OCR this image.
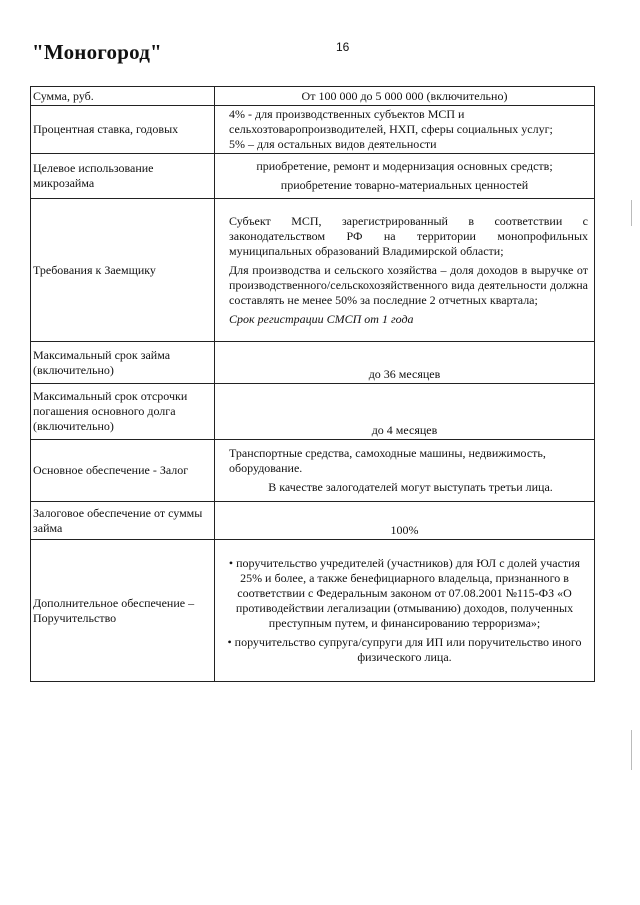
"Моногород"	16
Сумма, руб.	От 100 000 до 5 000 000 (включительно)

Процентная ставка, годовых	4% - для производственных субъектов МСП и

сельхозтоваропроизводителей, НХП, сферы социальных услуг;

5% – для остальных видов деятельности

Целевое использование микрозайма	приобретение, ремонт и модернизация основных средств;

приобретение товарно-материальных ценностей

Требования к Заемщику	Субъект МСП, зарегистрированный в соответствии с законодательством РФ на территории монопрофильных муниципальных образований Владимирской области;

Для производства и сельского хозяйства – доля доходов в выручке от производственного/сельскохозяйственного вида деятельности должна составлять не менее 50% за последние 2 отчетных квартала;

Срок регистрации СМСП от 1 года

Максимальный срок займа (включительно)	до 36 месяцев

Максимальный срок отсрочки погашения основного долга (включительно)	до 4 месяцев

Основное обеспечение - Залог	Транспортные средства, самоходные машины, недвижимость, оборудование.

В качестве залогодателей могут выступать третьи лица.

Залоговое обеспечение от суммы займа	100%

Дополнительное обеспечение – Поручительство	• поручительство учредителей (участников) для ЮЛ с долей участия 25% и более, а также бенефициарного владельца, признанного в соответствии с Федеральным законом от 07.08.2001 №115-ФЗ «О противодействии легализации (отмыванию) доходов, полученных преступным путем, и финансированию терроризма»;

• поручительство супруга/супруги для ИП или поручительство иного физического лица.
